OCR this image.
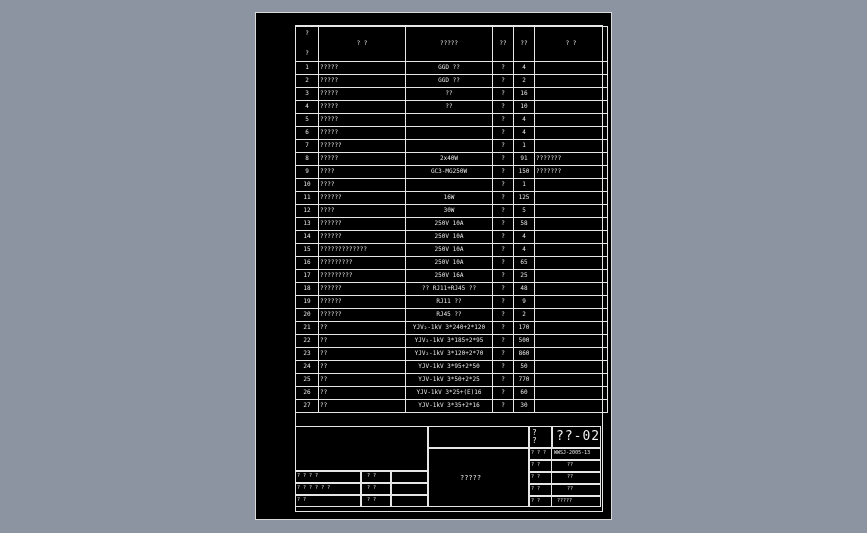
?

?	? ?	?????	??	??	? ?
1	?????	GGD ??	?	4	
2	?????	GGD ??	?	2	
3	?????	??	?	16	
4	?????	??	?	10	
5	?????		?	4	
6	?????		?	4	
7	??????		?	1	
8	?????	2x40W	?	91	???????
9	????	GC3-MG250W	?	150	???????
10	????		?	1	
11	??????	16W	?	125	
12	????	30W	?	5	
13	??????	250V 10A	?	58	
14	??????	250V 10A	?	4	
15	?????????????	250V 10A	?	4	
16	?????????	250V 10A	?	65	
17	?????????	250V 16A	?	25	
18	??????	?? RJ11+RJ45 ??	?	48	
19	??????	RJ11 ??	?	9	
20	??????	RJ45 ??	?	2	
21	??	YJV₂-1kV 3*240+2*120	?	170	
22	??	YJV₂-1kV 3*185+2*95	?	500	
23	??	YJV₂-1kV 3*120+2*70	?	860	
24	??	YJV-1kV 3*95+2*50	?	50	
25	??	YJV-1kV 3*50+2*25	?	770	
26	??	YJV-1kV 3*25+(E)16	?	60	
27	??	YJV-1kV 3*35+2*16	?	30	
? ? ? ?
? ? ? ? ? ?
? ?
? ?
? ?
? ?
? ?	??-02
?????
? ? ? WWSJ-2005-13
? ?	??
? ?	??
? ?	??
? ?	?????
